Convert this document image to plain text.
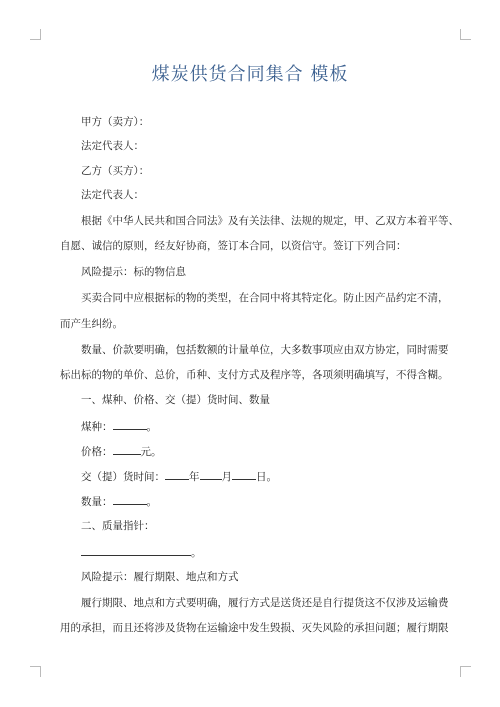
煤炭供货合同集合 模板
甲方（卖方）：
法定代表人：
乙方（买方）：
法定代表人：
根据《中华人民共和国合同法》及有关法律、法规的规定，甲、乙双方本着平等、
自愿、诚信的原则，经友好协商，签订本合同，以资信守。签订下列合同：
风险提示：标的物信息
买卖合同中应根据标的物的类型，在合同中将其特定化。防止因产品约定不清，
而产生纠纷。
数量、价款要明确，包括数额的计量单位，大多数事项应由双方协定，同时需要
标出标的物的单价、总价，币种、支付方式及程序等，各项须明确填写，不得含糊。
一、煤种、价格、交（提）货时间、数量
煤种：	。
价格：	元。
交（提）货时间： 年 月 日。
数量：	。
二、质量指针：
。
风险提示：履行期限、地点和方式
履行期限、地点和方式要明确，履行方式是送货还是自行提货这不仅涉及运输费
用的承担，而且还将涉及货物在运输途中发生毁损、灭失风险的承担问题；履行期限
